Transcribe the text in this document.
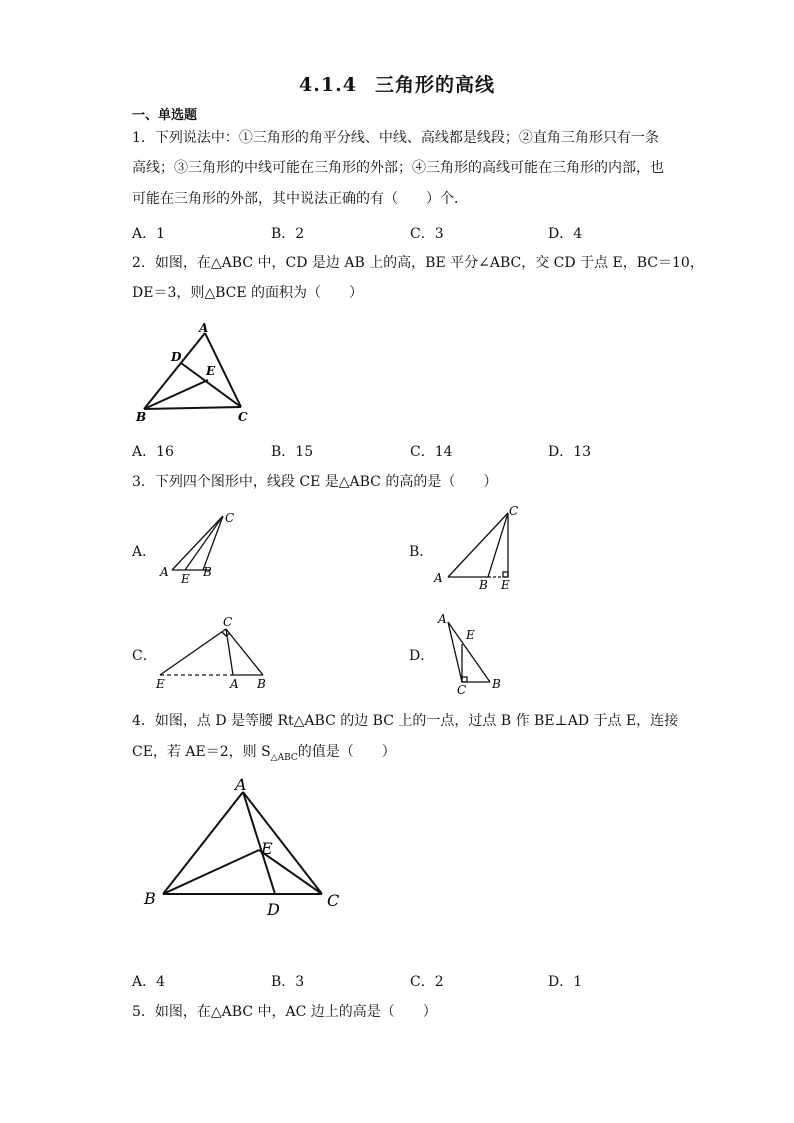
4.1.4 三角形的高线
一、单选题
1．下列说法中：①三角形的角平分线、中线、高线都是线段；②直角三角形只有一条
高线；③三角形的中线可能在三角形的外部；④三角形的高线可能在三角形的内部，也
可能在三角形的外部，其中说法正确的有（　　）个．
A．1	B．2	C．3	D．4
2．如图，在△ABC 中，CD 是边 AB 上的高，BE 平分∠ABC，交 CD 于点 E，BC＝10，
DE＝3，则△BCE 的面积为（　　）
A
D
E
B	C
A．16	B．15	C．14	D．13
3．下列四个图形中，线段 CE 是△ABC 的高的是（　　）
A．
C
A E B
B．
C
A	B E
C．
C
E	A B
D．
A
E
C B
4．如图，点 D 是等腰 Rt△ABC 的边 BC 上的一点，过点 B 作 BE⊥AD 于点 E，连接
CE，若 AE＝2，则 $S_{\triangle ABC}$的值是（　　）
A
E
B
D	C
A．4	B．3	C．2	D．1
5．如图，在△ABC 中，AC 边上的高是（　　）
